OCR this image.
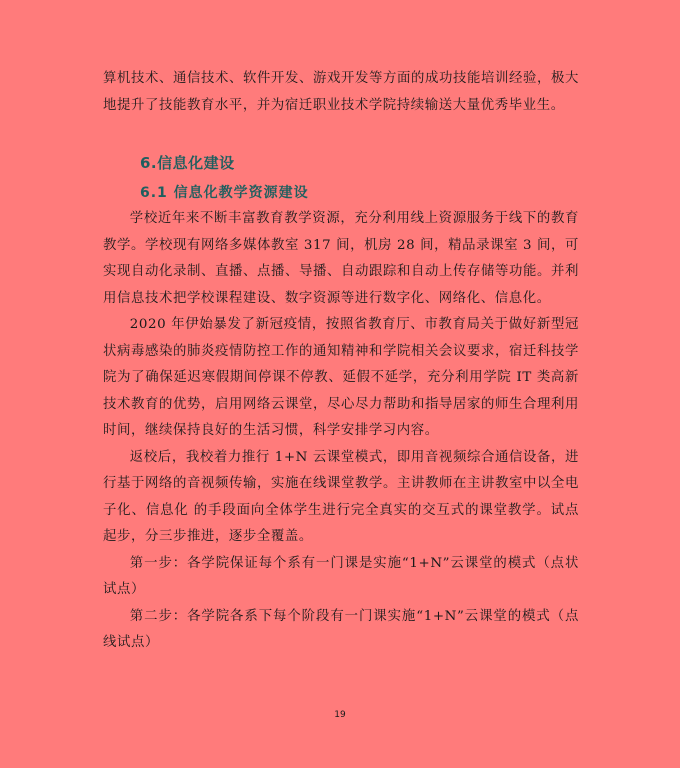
算机技术、通信技术、软件开发、游戏开发等方面的成功技能培训经验，极大地提升了技能教育水平，并为宿迁职业技术学院持续输送大量优秀毕业生。

6.信息化建设

6.1 信息化教学资源建设

学校近年来不断丰富教育教学资源，充分利用线上资源服务于线下的教育教学。学校现有网络多媒体教室 317 间，机房 28 间，精品录课室 3 间，可实现自动化录制、直播、点播、导播、自动跟踪和自动上传存储等功能。并利用信息技术把学校课程建设、数字资源等进行数字化、网络化、信息化。

2020 年伊始暴发了新冠疫情，按照省教育厅、市教育局关于做好新型冠状病毒感染的肺炎疫情防控工作的通知精神和学院相关会议要求，宿迁科技学院为了确保延迟寒假期间停课不停教、延假不延学，充分利用学院 IT 类高新技术教育的优势，启用网络云课堂，尽心尽力帮助和指导居家的师生合理利用时间，继续保持良好的生活习惯，科学安排学习内容。

返校后，我校着力推行 1+N 云课堂模式，即用音视频综合通信设备，进行基于网络的音视频传输，实施在线课堂教学。主讲教师在主讲教室中以全电子化、信息化 的手段面向全体学生进行完全真实的交互式的课堂教学。试点起步，分三步推进，逐步全覆盖。

第一步：各学院保证每个系有一门课是实施“1+N”云课堂的模式（点状试点）

第二步：各学院各系下每个阶段有一门课实施“1+N”云课堂的模式（点线试点）

19
